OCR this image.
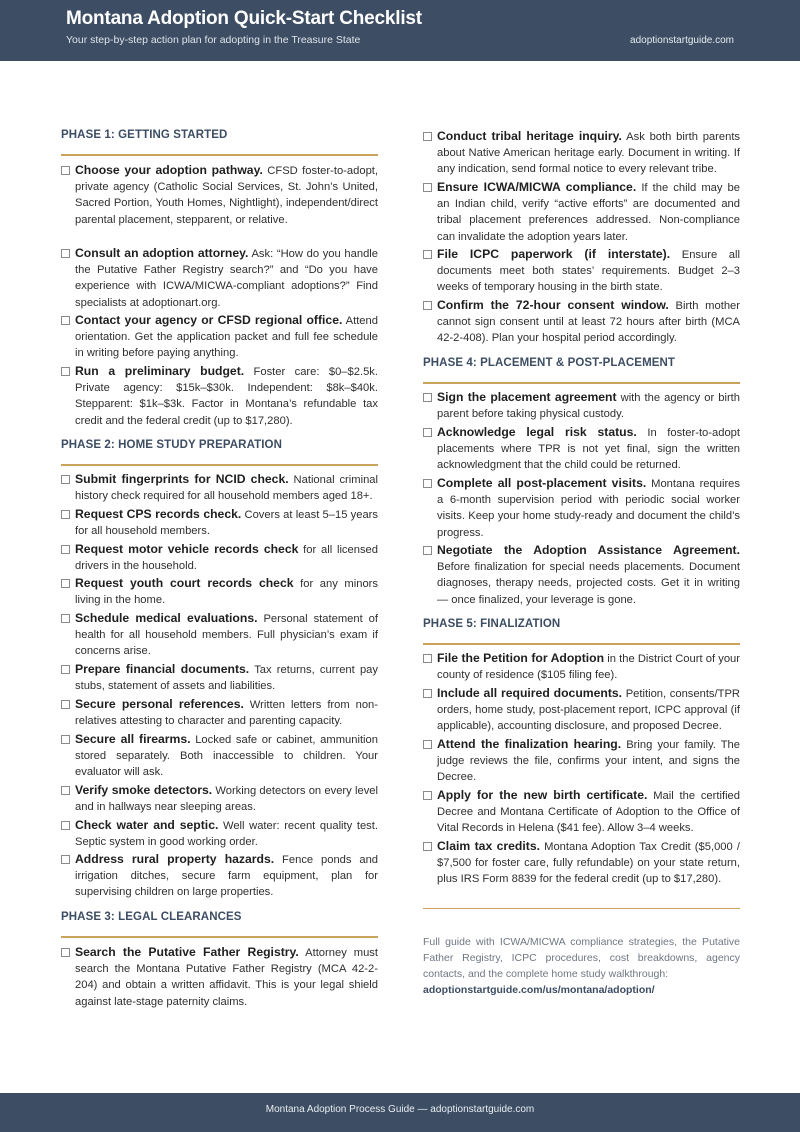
Montana Adoption Quick-Start Checklist
Your step-by-step action plan for adopting in the Treasure State	adoptionstartguide.com
PHASE 1: GETTING STARTED
Choose your adoption pathway. CFSD foster-to-adopt, private agency (Catholic Social Services, St. John’s United, Sacred Portion, Youth Homes, Nightlight), independent/direct parental placement, stepparent, or relative.
Consult an adoption attorney. Ask: “How do you handle the Putative Father Registry search?” and “Do you have experience with ICWA/MICWA-compliant adoptions?” Find specialists at adoptionart.org.
Contact your agency or CFSD regional office. Attend orientation. Get the application packet and full fee schedule in writing before paying anything.
Run a preliminary budget. Foster care: $0–$2.5k. Private agency: $15k–$30k. Independent: $8k–$40k. Stepparent: $1k–$3k. Factor in Montana’s refundable tax credit and the federal credit (up to $17,280).
PHASE 2: HOME STUDY PREPARATION
Submit fingerprints for NCID check. National criminal history check required for all household members aged 18+.
Request CPS records check. Covers at least 5–15 years for all household members.
Request motor vehicle records check for all licensed drivers in the household.
Request youth court records check for any minors living in the home.
Schedule medical evaluations. Personal statement of health for all household members. Full physician’s exam if concerns arise.
Prepare financial documents. Tax returns, current pay stubs, statement of assets and liabilities.
Secure personal references. Written letters from non-relatives attesting to character and parenting capacity.
Secure all firearms. Locked safe or cabinet, ammunition stored separately. Both inaccessible to children. Your evaluator will ask.
Verify smoke detectors. Working detectors on every level and in hallways near sleeping areas.
Check water and septic. Well water: recent quality test. Septic system in good working order.
Address rural property hazards. Fence ponds and irrigation ditches, secure farm equipment, plan for supervising children on large properties.
PHASE 3: LEGAL CLEARANCES
Search the Putative Father Registry. Attorney must search the Montana Putative Father Registry (MCA 42-2-204) and obtain a written affidavit. This is your legal shield against late-stage paternity claims.
Conduct tribal heritage inquiry. Ask both birth parents about Native American heritage early. Document in writing. If any indication, send formal notice to every relevant tribe.
Ensure ICWA/MICWA compliance. If the child may be an Indian child, verify “active efforts” are documented and tribal placement preferences addressed. Non-compliance can invalidate the adoption years later.
File ICPC paperwork (if interstate). Ensure all documents meet both states’ requirements. Budget 2–3 weeks of temporary housing in the birth state.
Confirm the 72-hour consent window. Birth mother cannot sign consent until at least 72 hours after birth (MCA 42-2-408). Plan your hospital period accordingly.
PHASE 4: PLACEMENT & POST-PLACEMENT
Sign the placement agreement with the agency or birth parent before taking physical custody.
Acknowledge legal risk status. In foster-to-adopt placements where TPR is not yet final, sign the written acknowledgment that the child could be returned.
Complete all post-placement visits. Montana requires a 6-month supervision period with periodic social worker visits. Keep your home study-ready and document the child’s progress.
Negotiate the Adoption Assistance Agreement. Before finalization for special needs placements. Document diagnoses, therapy needs, projected costs. Get it in writing — once finalized, your leverage is gone.
PHASE 5: FINALIZATION
File the Petition for Adoption in the District Court of your county of residence ($105 filing fee).
Include all required documents. Petition, consents/TPR orders, home study, post-placement report, ICPC approval (if applicable), accounting disclosure, and proposed Decree.
Attend the finalization hearing. Bring your family. The judge reviews the file, confirms your intent, and signs the Decree.
Apply for the new birth certificate. Mail the certified Decree and Montana Certificate of Adoption to the Office of Vital Records in Helena ($41 fee). Allow 3–4 weeks.
Claim tax credits. Montana Adoption Tax Credit ($5,000 / $7,500 for foster care, fully refundable) on your state return, plus IRS Form 8839 for the federal credit (up to $17,280).
Full guide with ICWA/MICWA compliance strategies, the Putative Father Registry, ICPC procedures, cost breakdowns, agency contacts, and the complete home study walkthrough:
adoptionstartguide.com/us/montana/adoption/
Montana Adoption Process Guide — adoptionstartguide.com
